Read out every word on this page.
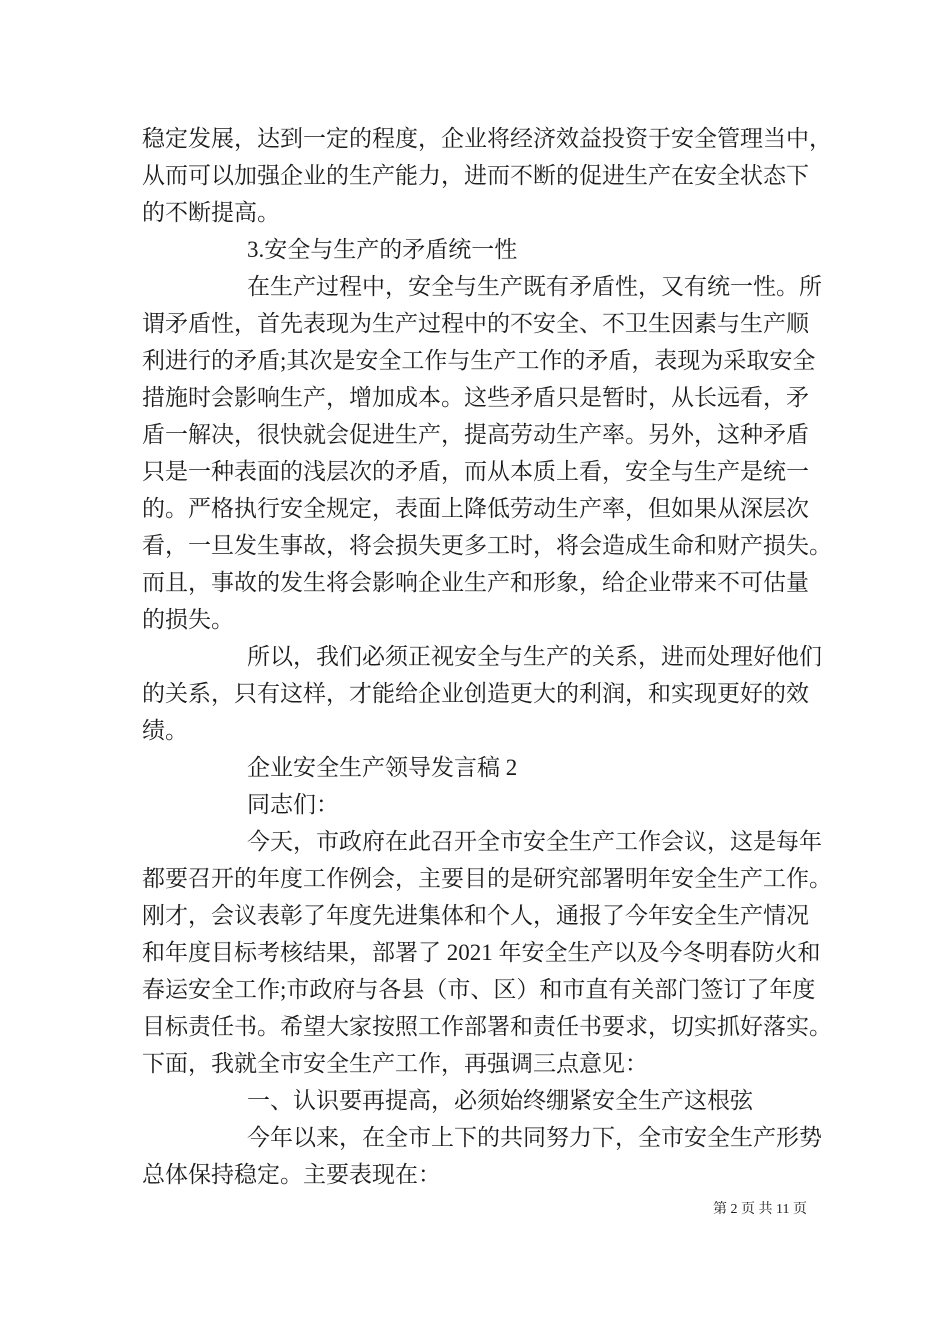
稳定发展，达到一定的程度，企业将经济效益投资于安全管理当中，
从而可以加强企业的生产能力，进而不断的促进生产在安全状态下
的不断提高。
3.安全与生产的矛盾统一性
在生产过程中，安全与生产既有矛盾性，又有统一性。所
谓矛盾性，首先表现为生产过程中的不安全、不卫生因素与生产顺
利进行的矛盾;其次是安全工作与生产工作的矛盾，表现为采取安全
措施时会影响生产，增加成本。这些矛盾只是暂时，从长远看，矛
盾一解决，很快就会促进生产，提高劳动生产率。另外，这种矛盾
只是一种表面的浅层次的矛盾，而从本质上看，安全与生产是统一
的。严格执行安全规定，表面上降低劳动生产率，但如果从深层次
看，一旦发生事故，将会损失更多工时，将会造成生命和财产损失。
而且，事故的发生将会影响企业生产和形象，给企业带来不可估量
的损失。
所以，我们必须正视安全与生产的关系，进而处理好他们
的关系，只有这样，才能给企业创造更大的利润，和实现更好的效
绩。
企业安全生产领导发言稿 2
同志们：
今天，市政府在此召开全市安全生产工作会议，这是每年
都要召开的年度工作例会，主要目的是研究部署明年安全生产工作。
刚才，会议表彰了年度先进集体和个人，通报了今年安全生产情况
和年度目标考核结果，部署了 2021 年安全生产以及今冬明春防火和
春运安全工作;市政府与各县（市、区）和市直有关部门签订了年度
目标责任书。希望大家按照工作部署和责任书要求，切实抓好落实。
下面，我就全市安全生产工作，再强调三点意见：
一、认识要再提高，必须始终绷紧安全生产这根弦
今年以来，在全市上下的共同努力下，全市安全生产形势
总体保持稳定。主要表现在：
第 2 页 共 11 页
